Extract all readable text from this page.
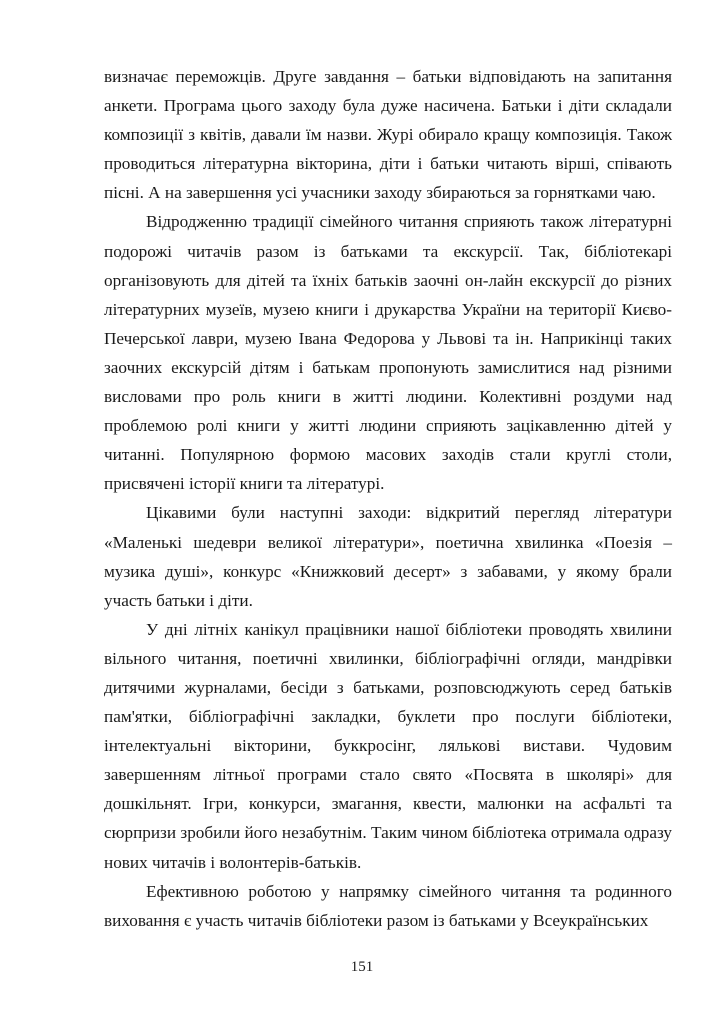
визначає переможців. Друге завдання – батьки відповідають на запитання анкети. Програма цього заходу була дуже насичена. Батьки і діти складали композиції з квітів, давали їм назви. Журі обирало кращу композиція. Також проводиться літературна вікторина, діти і батьки читають вірші, співають пісні. А на завершення усі учасники заходу збираються за горнятками чаю.

Відродженню традиції сімейного читання сприяють також літературні подорожі читачів разом із батьками та екскурсії. Так, бібліотекарі організовують для дітей та їхніх батьків заочні он-лайн екскурсії до різних літературних музеїв, музею книги і друкарства України на території Києво-Печерської лаври, музею Івана Федорова у Львові та ін. Наприкінці таких заочних екскурсій дітям і батькам пропонують замислитися над різними висловами про роль книги в житті людини. Колективні роздуми над проблемою ролі книги у житті людини сприяють зацікавленню дітей у читанні. Популярною формою масових заходів стали круглі столи, присвячені історії книги та літературі.

Цікавими були наступні заходи: відкритий перегляд літератури «Маленькі шедеври великої літератури», поетична хвилинка «Поезія – музика душі», конкурс «Книжковий десерт» з забавами, у якому брали участь батьки і діти.

У дні літніх канікул працівники нашої бібліотеки проводять хвилини вільного читання, поетичні хвилинки, бібліографічні огляди, мандрівки дитячими журналами, бесіди з батьками, розповсюджують серед батьків пам'ятки, бібліографічні закладки, буклети про послуги бібліотеки, інтелектуальні вікторини, буккросінг, лялькові вистави. Чудовим завершенням літньої програми стало свято «Посвята в школярі» для дошкільнят. Ігри, конкурси, змагання, квести, малюнки на асфальті та сюрпризи зробили його незабутнім. Таким чином бібліотека отримала одразу нових читачів і волонтерів-батьків.

Ефективною роботою у напрямку сімейного читання та родинного виховання є участь читачів бібліотеки разом із батьками у Всеукраїнських

151
